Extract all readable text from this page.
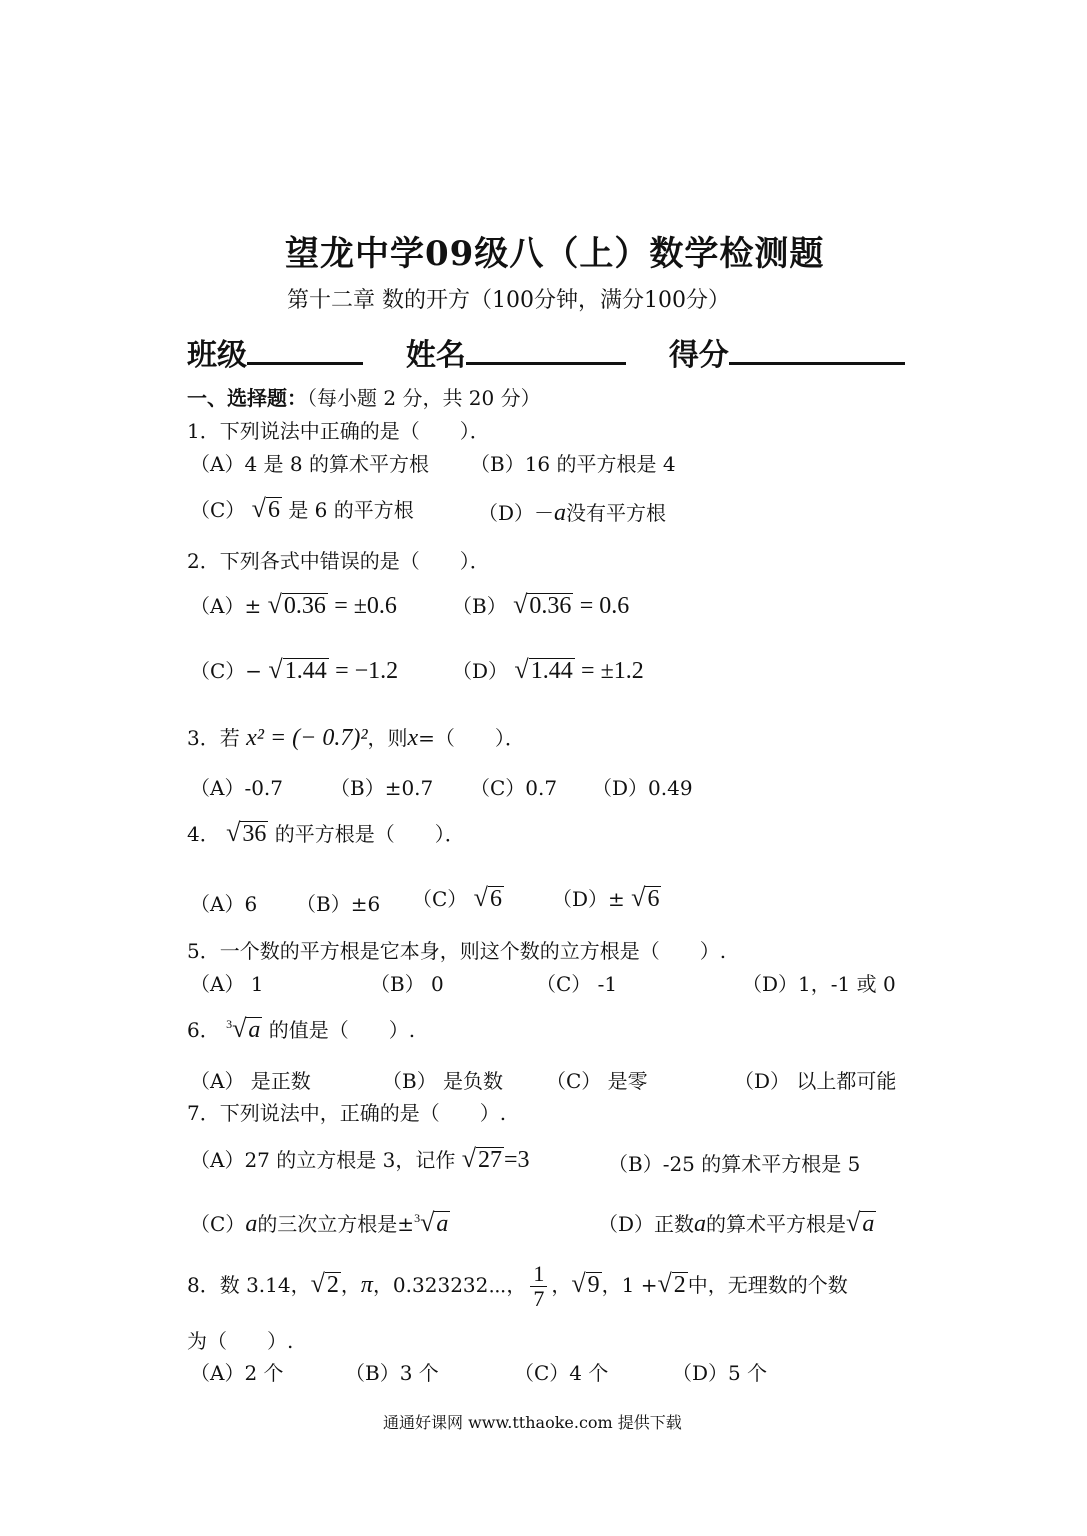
望龙中学09级八（上）数学检测题
第十二章 数的开方（100分钟，满分100分）
班级	姓名	得分
一、选择题：（每小题 2 分，共 20 分）
1．下列说法中正确的是（　　）．
（A）4 是 8 的算术平方根 （B）16 的平方根是 4
（C） √6 是 6 的平方根	（D）－a没有平方根
2．下列各式中错误的是（　　）．
（A）± √0.36 = ±0.6	（B） √0.36 = 0.6
（C）− √1.44 = −1.2	（D） √1.44 = ±1.2
3．若 x² = (− 0.7)²，则x=（　　）．
（A）-0.7 （B）±0.7 （C）0.7 （D）0.49
4． √36 的平方根是（　　）．
（A）6 （B）±6 （C） √6	（D）± √6
5．一个数的平方根是它本身，则这个数的立方根是（　　）.
（A） 1	（B） 0	（C） -1	（D）1，-1 或 0
6． $^3$√a 的值是（　　）.
（A） 是正数	（B） 是负数 （C） 是零	（D） 以上都可能
7．下列说法中，正确的是（　　）.
（A）27 的立方根是 3，记作 √27=3	（B）-25 的算术平方根是 5
（C）a的三次立方根是±$^3$√a	（D）正数a的算术平方根是√a
8．数 3.14，√2 ，π，0.323232⋯， $\frac{1}{7}$ ，√9 ，1 +√2 中，无理数的个数
为（　　）.
（A）2 个	（B）3 个	（C）4 个	（D）5 个
通通好课网 www.tthaoke.com 提供下载
